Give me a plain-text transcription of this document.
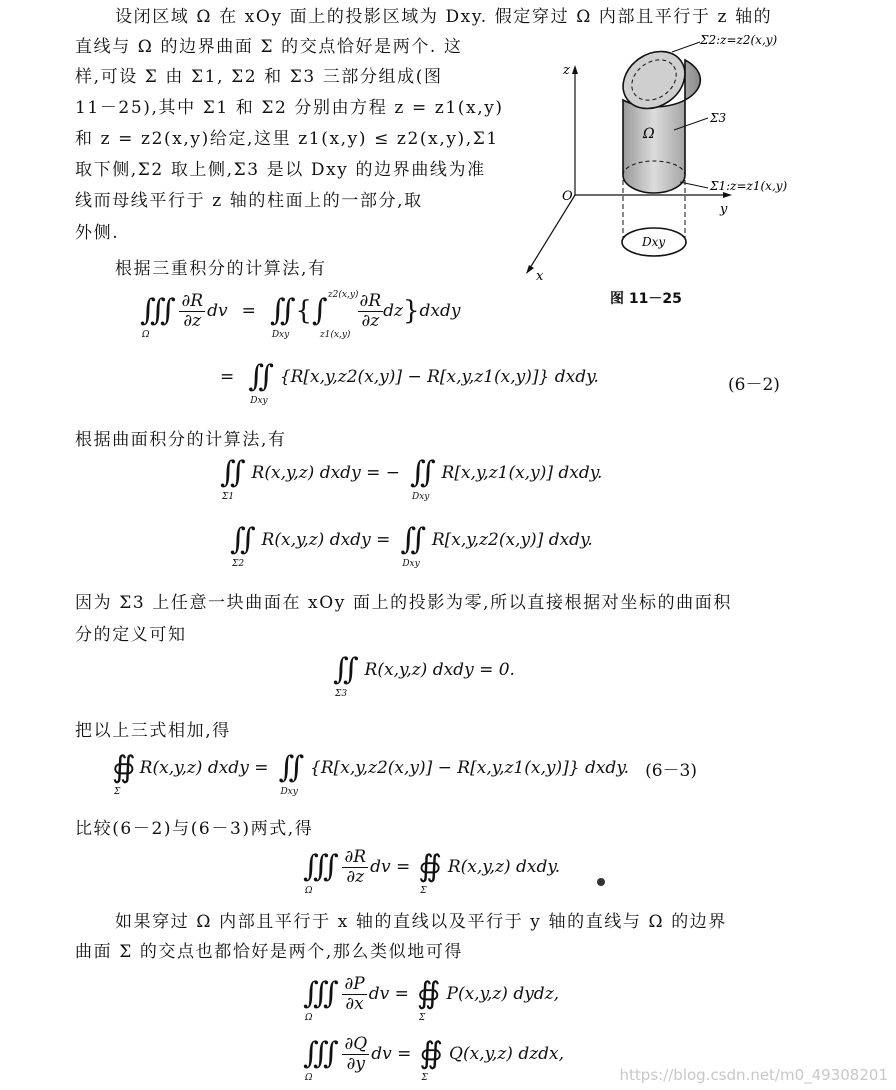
设闭区域 Ω 在 xOy 面上的投影区域为 Dxy. 假定穿过 Ω 内部且平行于 z 轴的
直线与 Ω 的边界曲面 Σ 的交点恰好是两个. 这
样,可设 Σ 由 Σ1, Σ2 和 Σ3 三部分组成(图
11－25),其中 Σ1 和 Σ2 分别由方程 z = z1(x,y)
和 z = z2(x,y)给定,这里 z1(x,y) ≤ z2(x,y),Σ1
取下侧,Σ2 取上侧,Σ3 是以 Dxy 的边界曲线为准
线而母线平行于 z 轴的柱面上的一部分,取
外侧.
Σ2:z=z2(x,y)
Σ3
Σ1:z=z1(x,y)
Ω
Dxy
z
y
x
O
图 11－25
根据三重积分的计算法,有
∭
Ω
$\frac{\partial R}{\partial z}$ dv = ∬
Dxy
{ ∫ z2(x,y)
z1(x,y)
$\frac{\partial R}{\partial z}$ dz } dxdy
= ∬
Dxy
{R[x,y,z2(x,y)] − R[x,y,z1(x,y)]} dxdy.	(6－2)
根据曲面积分的计算法,有
∬
Σ1
R(x,y,z) dxdy = − ∬
Dxy
R[x,y,z1(x,y)] dxdy.
∬
Σ2
R(x,y,z) dxdy = ∬
Dxy
R[x,y,z2(x,y)] dxdy.
因为 Σ3 上任意一块曲面在 xOy 面上的投影为零,所以直接根据对坐标的曲面积
分的定义可知
∬
Σ3
R(x,y,z) dxdy = 0.
把以上三式相加,得
∯
Σ
R(x,y,z) dxdy = ∬
Dxy
{R[x,y,z2(x,y)] − R[x,y,z1(x,y)]} dxdy. (6－3)
比较(6－2)与(6－3)两式,得
∭
Ω
$\frac{\partial R}{\partial z}$ dv = ∯
Σ
R(x,y,z) dxdy.
如果穿过 Ω 内部且平行于 x 轴的直线以及平行于 y 轴的直线与 Ω 的边界
曲面 Σ 的交点也都恰好是两个,那么类似地可得
∭
Ω
$\frac{\partial P}{\partial x}$ dv = ∯
Σ
P(x,y,z) dydz,
∭
Ω
$\frac{\partial Q}{\partial y}$ dv = ∯
Σ
Q(x,y,z) dzdx,
https://blog.csdn.net/m0_49308201
